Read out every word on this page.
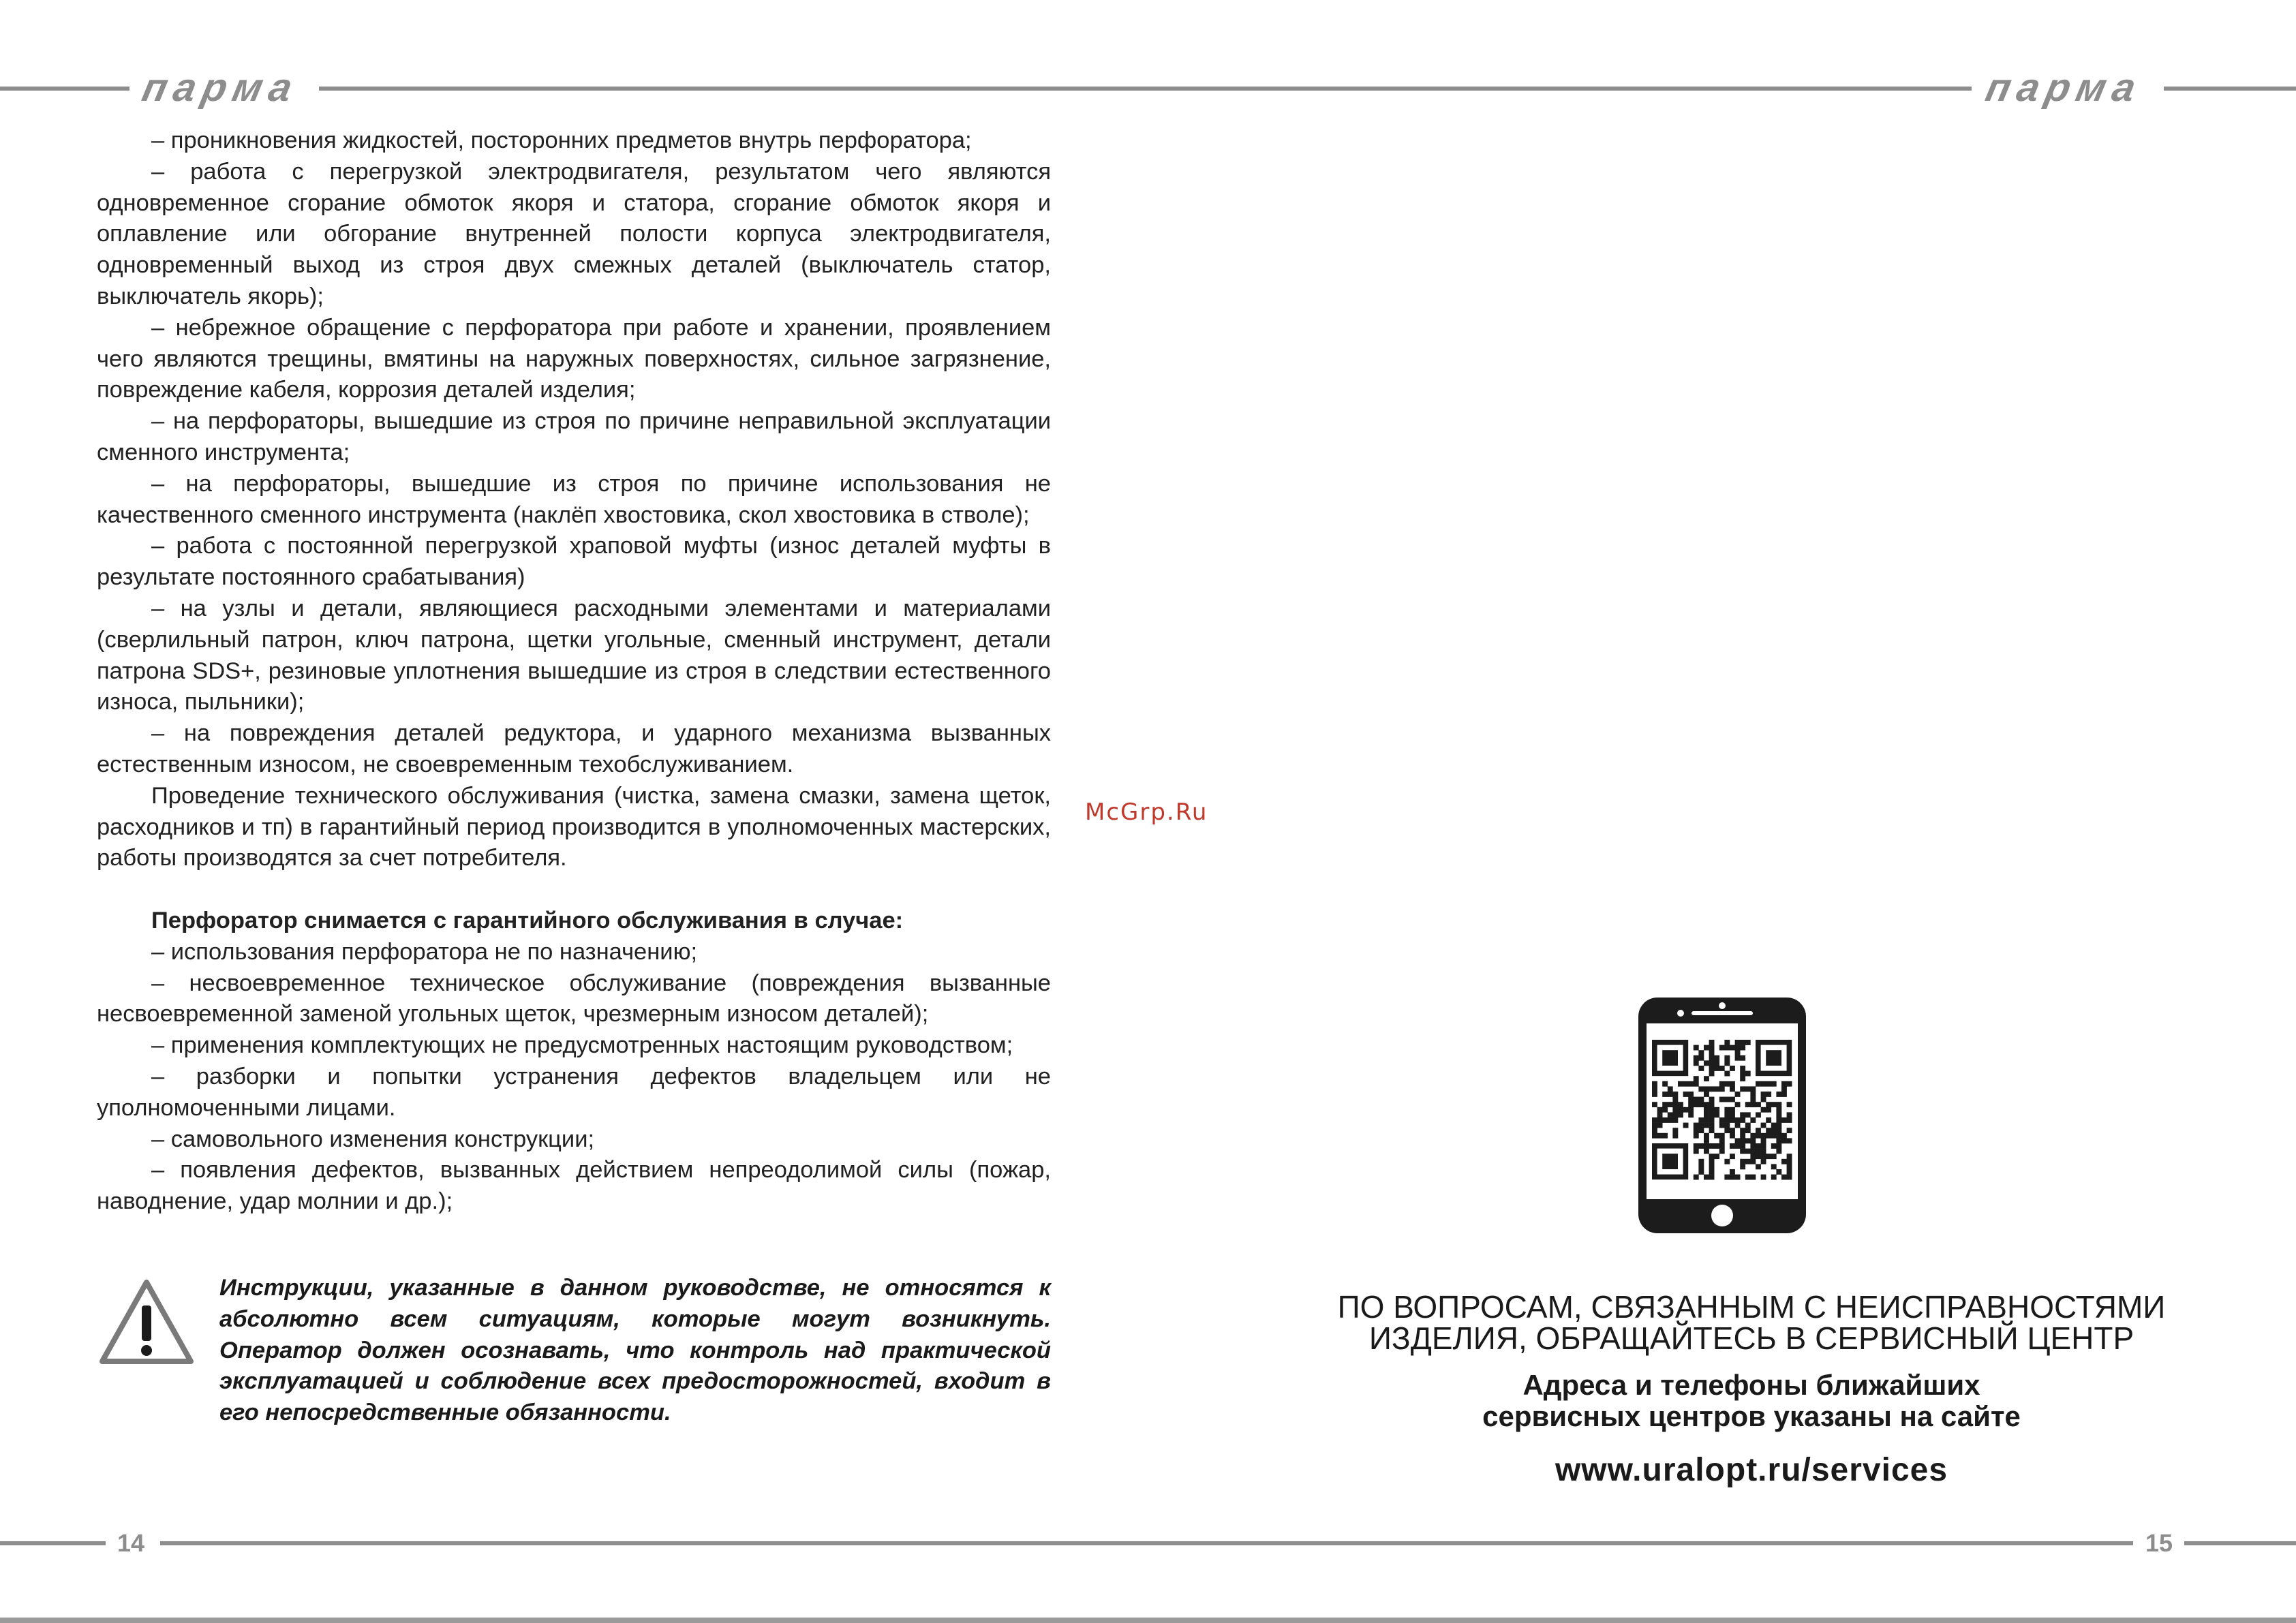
парма	парма
14	15

– проникновения жидкостей, посторонних предметов внутрь перфоратора;

– работа с перегрузкой электродвигателя, результатом чего являются одновременное сгорание обмоток якоря и статора, сгорание обмоток якоря и оплавление или обгорание внутренней полости корпуса электродвигателя, одновременный выход из строя двух смежных деталей (выключатель статор, выключатель якорь);

– небрежное обращение с перфоратора при работе и хранении, проявлением чего являются трещины, вмятины на наружных поверхностях, сильное загрязнение, повреждение кабеля, коррозия деталей изделия;

– на перфораторы, вышедшие из строя по причине неправильной эксплуатации сменного инструмента;

– на перфораторы, вышедшие из строя по причине использования не качественного сменного инструмента (наклёп хвостовика, скол хвостовика в стволе);

– работа с постоянной перегрузкой храповой муфты (износ деталей муфты в результате постоянного срабатывания)

– на узлы и детали, являющиеся расходными элементами и материалами (сверлильный патрон, ключ патрона, щетки угольные, сменный инструмент, детали патрона SDS+, резиновые уплотнения вышедшие из строя в следствии естественного износа, пыльники);

– на повреждения деталей редуктора, и ударного механизма вызванных естественным износом, не своевременным техобслуживанием.

Проведение технического обслуживания (чистка, замена смазки, замена щеток, расходников и тп) в гарантийный период производится в уполномоченных мастерских, работы производятся за счет потребителя.

Перфоратор снимается с гарантийного обслуживания в случае:

– использования перфоратора не по назначению;

– несвоевременное техническое обслуживание (повреждения вызванные несвоевременной заменой угольных щеток, чрезмерным износом деталей);

– применения комплектующих не предусмотренных настоящим руководством;

– разборки и попытки устранения дефектов владельцем или не уполномоченными лицами.

– самовольного изменения конструкции;

– появления дефектов, вызванных действием непреодолимой силы (пожар, наводнение, удар молнии и др.);

Инструкции, указанные в данном руководстве, не относятся к абсолютно всем ситуациям, которые могут возникнуть. Оператор должен осознавать, что контроль над практической эксплуатацией и соблюдение всех предосторожностей, входит в его непосредственные обязанности.

McGrp.Ru
ПО ВОПРОСАМ, СВЯЗАННЫМ С НЕИСПРАВНОСТЯМИ
ИЗДЕЛИЯ, ОБРАЩАЙТЕСЬ В СЕРВИСНЫЙ ЦЕНТР
Адреса и телефоны ближайших
сервисных центров указаны на сайте
www.uralopt.ru/services
